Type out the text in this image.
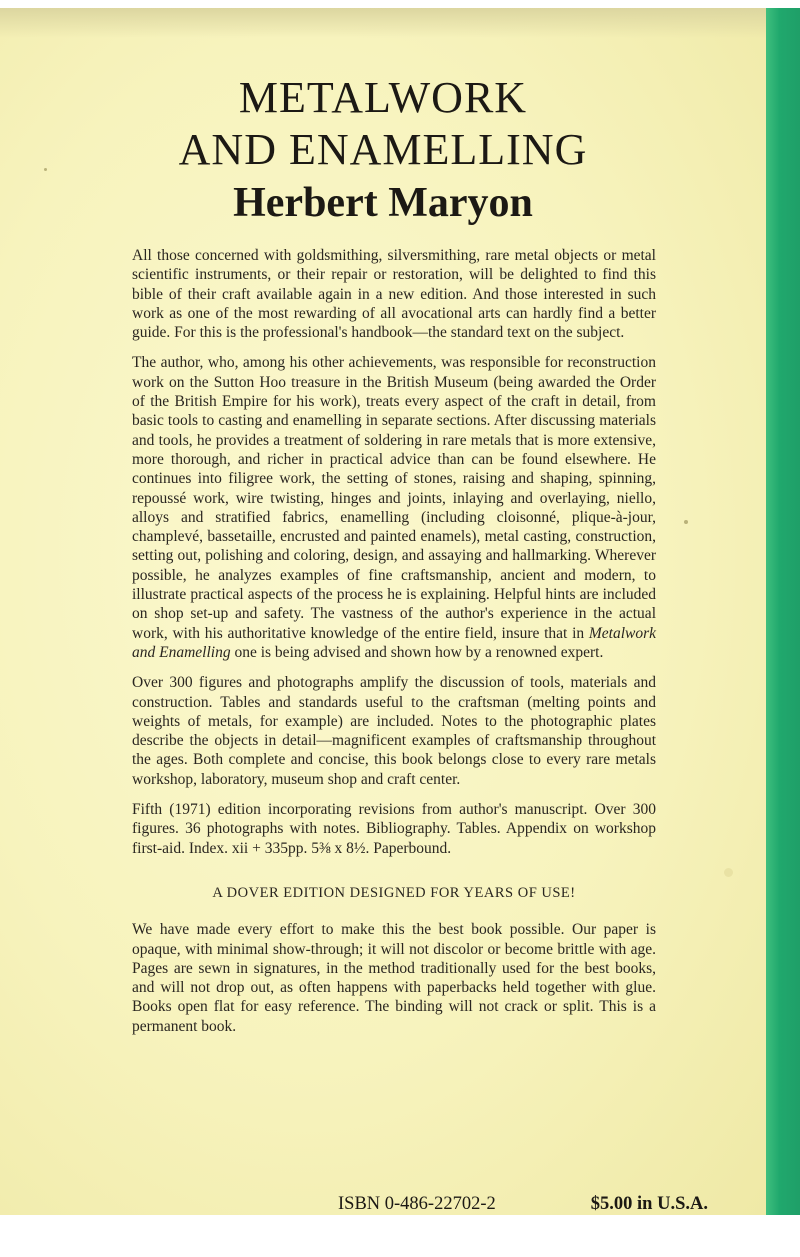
METALWORK
AND ENAMELLING
Herbert Maryon

All those concerned with goldsmithing, silversmithing, rare metal objects or metal scientific instruments, or their repair or restoration, will be delighted to find this bible of their craft available again in a new edition. And those interested in such work as one of the most rewarding of all avocational arts can hardly find a better guide. For this is the professional's handbook—the standard text on the subject.

The author, who, among his other achievements, was responsible for reconstruction work on the Sutton Hoo treasure in the British Museum (being awarded the Order of the British Empire for his work), treats every aspect of the craft in detail, from basic tools to casting and enamelling in separate sections. After discussing materials and tools, he provides a treatment of soldering in rare metals that is more extensive, more thorough, and richer in practical advice than can be found elsewhere. He continues into filigree work, the setting of stones, raising and shaping, spinning, repoussé work, wire twisting, hinges and joints, inlaying and overlaying, niello, alloys and stratified fabrics, enamelling (including cloisonné, plique-à-jour, champlevé, bassetaille, encrusted and painted enamels), metal casting, construction, setting out, polishing and coloring, design, and assaying and hallmarking. Wherever possible, he analyzes examples of fine craftsmanship, ancient and modern, to illustrate practical aspects of the process he is explaining. Helpful hints are included on shop set-up and safety. The vastness of the author's experience in the actual work, with his authoritative knowledge of the entire field, insure that in Metalwork and Enamelling one is being advised and shown how by a renowned expert.

Over 300 figures and photographs amplify the discussion of tools, materials and construction. Tables and standards useful to the craftsman (melting points and weights of metals, for example) are included. Notes to the photographic plates describe the objects in detail—magnificent examples of craftsmanship throughout the ages. Both complete and concise, this book belongs close to every rare metals workshop, laboratory, museum shop and craft center.

Fifth (1971) edition incorporating revisions from author's manuscript. Over 300 figures. 36 photographs with notes. Bibliography. Tables. Appendix on workshop first-aid. Index. xii + 335pp. 5⅜ x 8½. Paperbound.

A DOVER EDITION DESIGNED FOR YEARS OF USE!

We have made every effort to make this the best book possible. Our paper is opaque, with minimal show-through; it will not discolor or become brittle with age. Pages are sewn in signatures, in the method traditionally used for the best books, and will not drop out, as often happens with paperbacks held together with glue. Books open flat for easy reference. The binding will not crack or split. This is a permanent book.

ISBN 0-486-22702-2	$5.00 in U.S.A.
